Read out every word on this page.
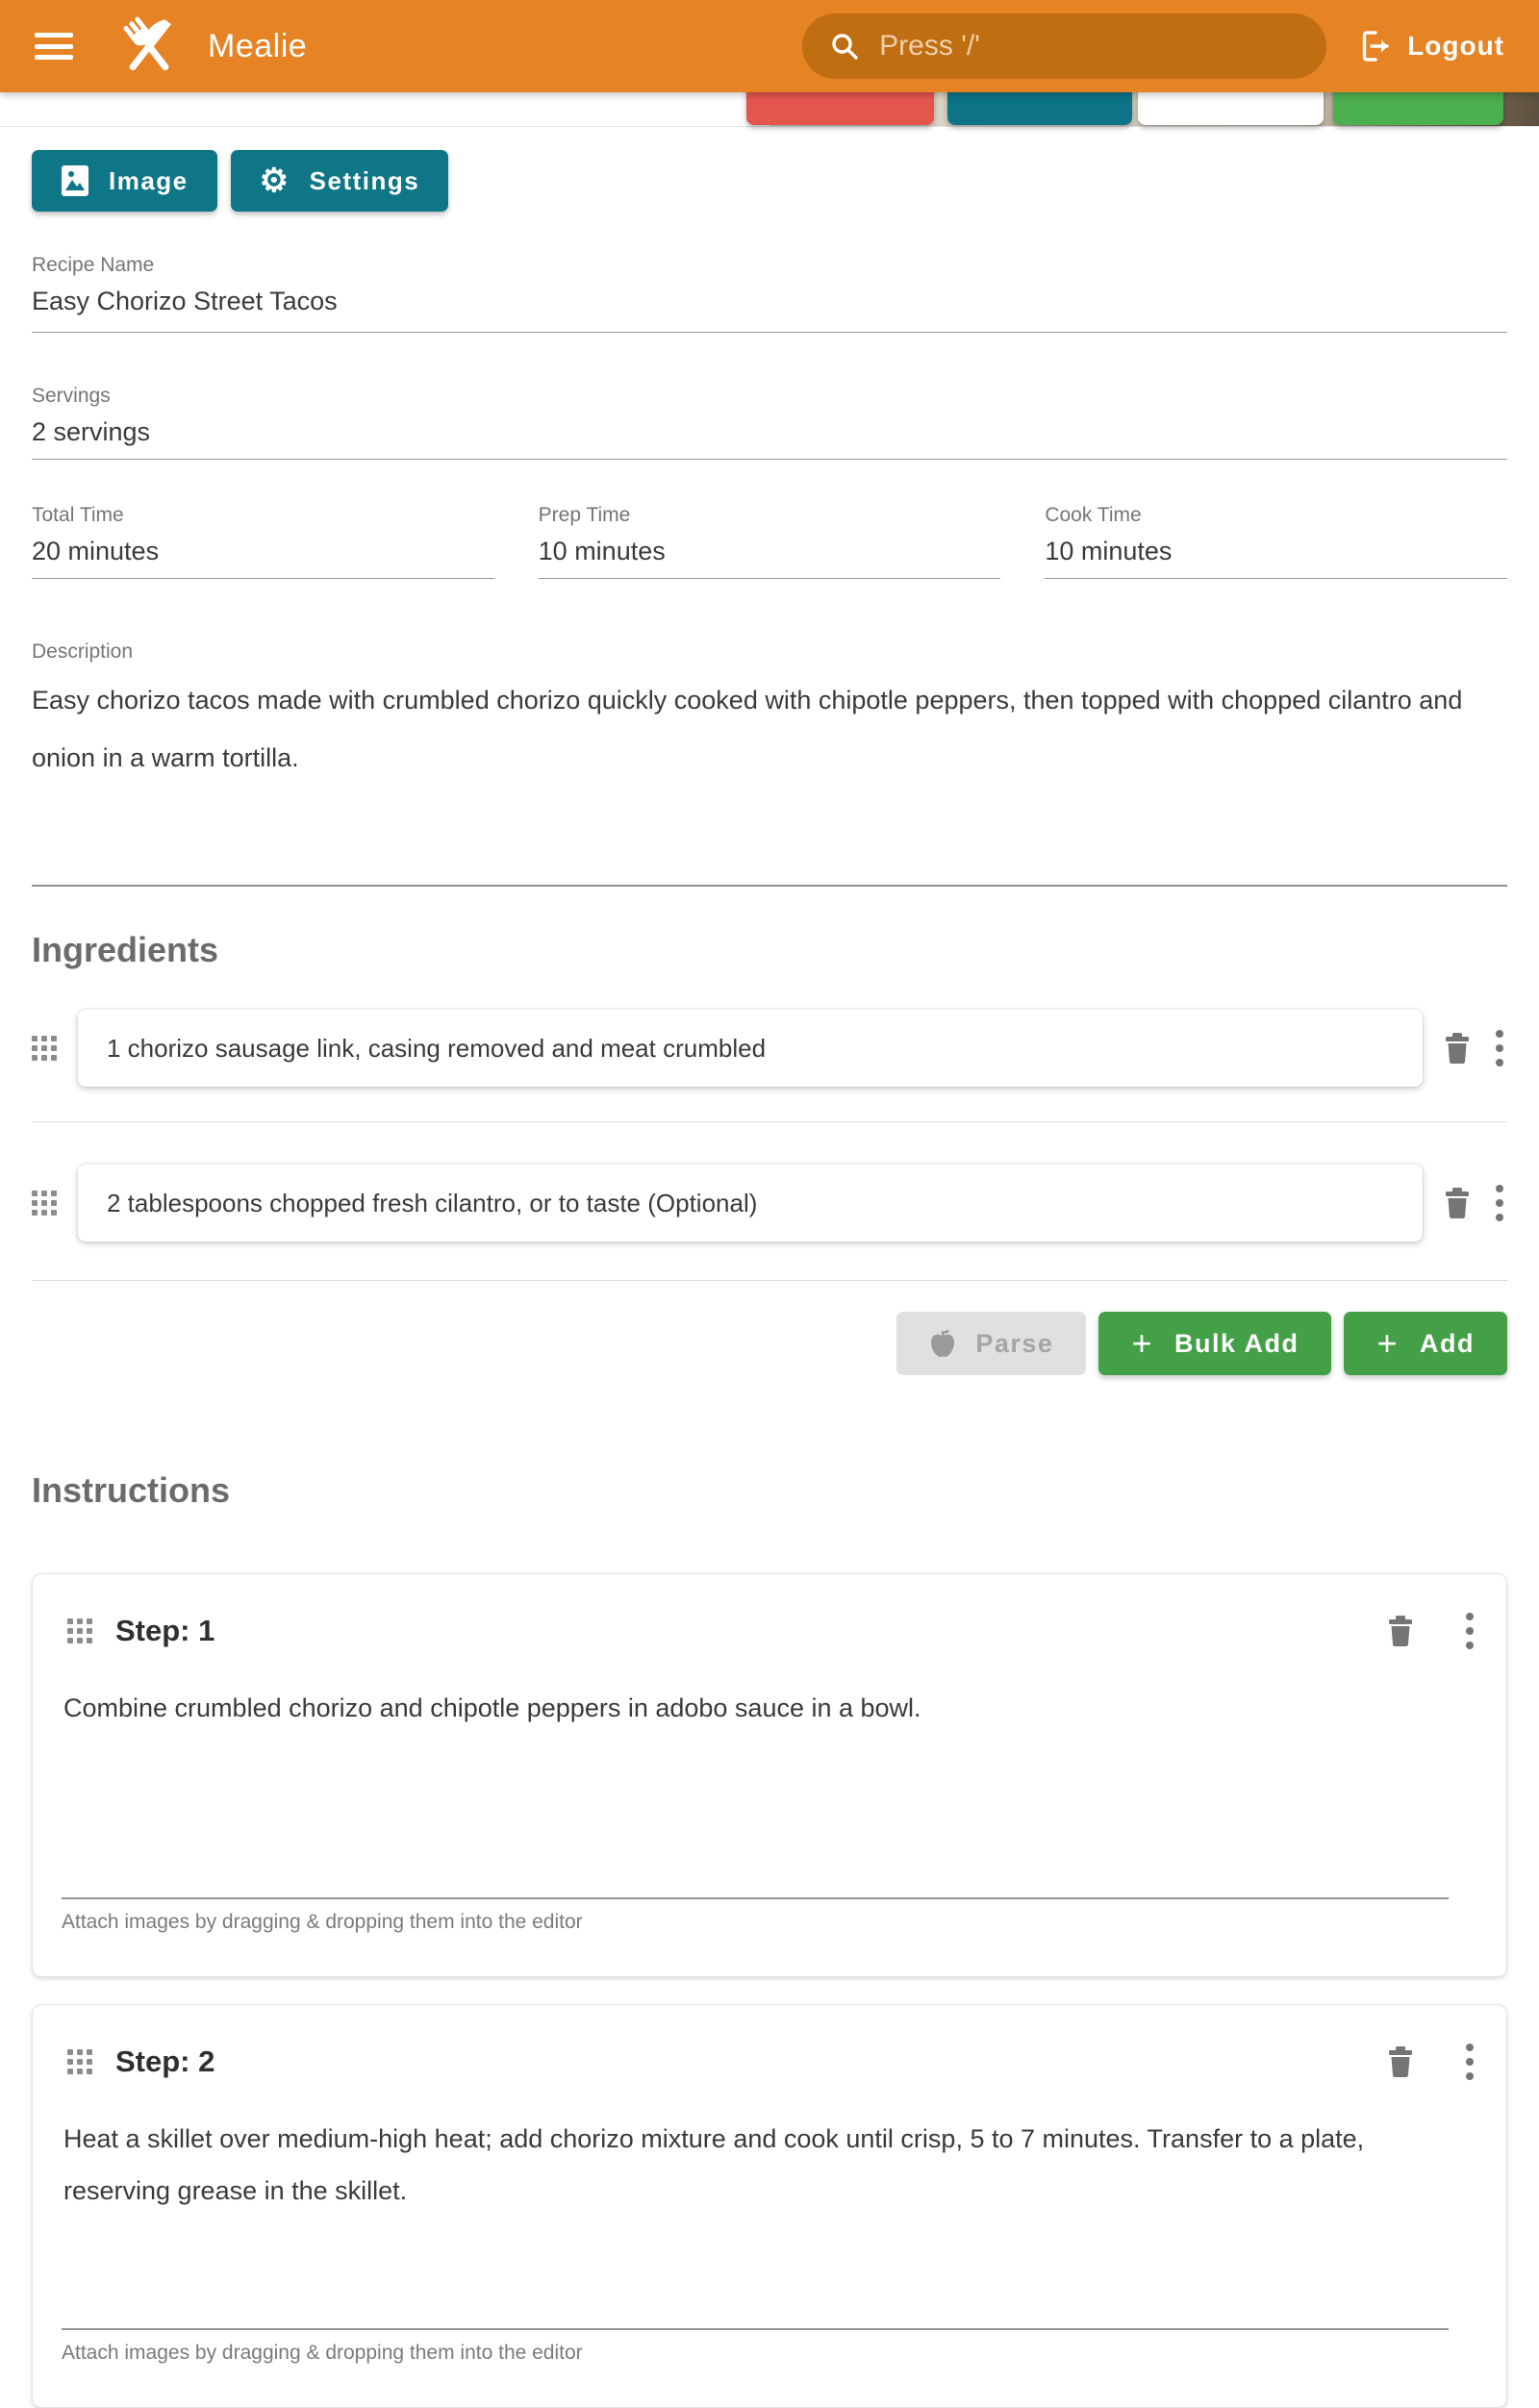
Mealie	Press '/'	Logout
Image ⚙ Settings
Recipe Name
Easy Chorizo Street Tacos
Servings
2 servings
Total Time
20 minutes
Prep Time
10 minutes
Cook Time
10 minutes
Description
Easy chorizo tacos made with crumbled chorizo quickly cooked with chipotle peppers, then topped with chopped cilantro and onion in a warm tortilla.
Ingredients
1 chorizo sausage link, casing removed and meat crumbled
2 tablespoons chopped fresh cilantro, or to taste (Optional)
Parse + Bulk Add + Add
Instructions
Step: 1
Combine crumbled chorizo and chipotle peppers in adobo sauce in a bowl.
Attach images by dragging & dropping them into the editor
Step: 2
Heat a skillet over medium-high heat; add chorizo mixture and cook until crisp, 5 to 7 minutes. Transfer to a plate, reserving grease in the skillet.
Attach images by dragging & dropping them into the editor
